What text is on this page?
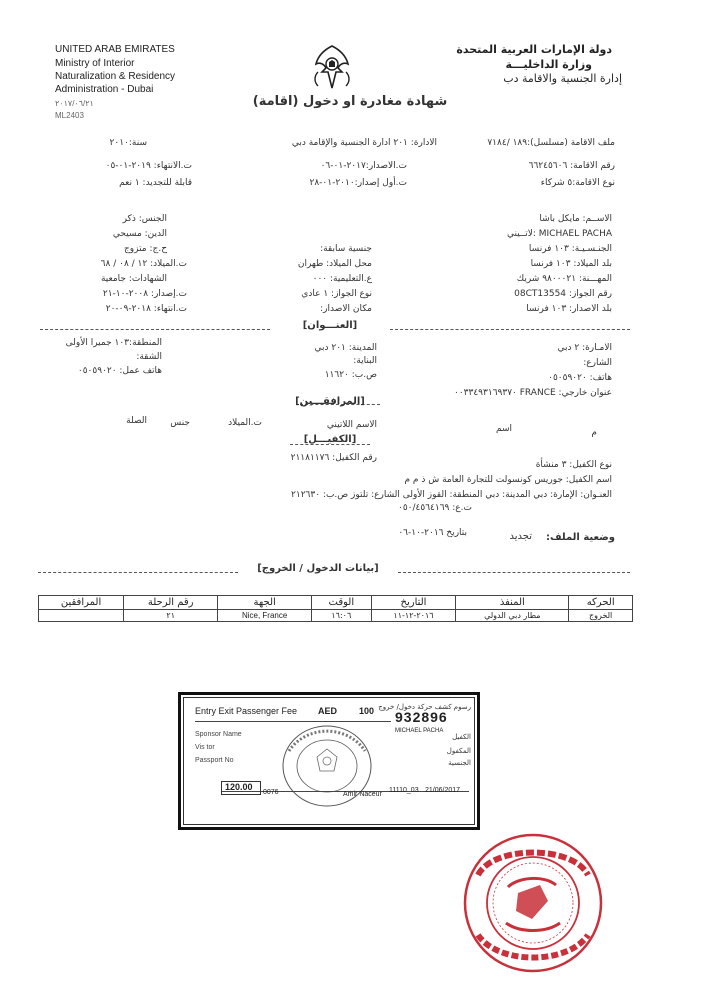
UNITED ARAB EMIRATES
Ministry of Interior
Naturalization & Residency
Administration - Dubai
٢٠١٧/٠٦/٢١
ML2403
دولة الإمارات العربية المتحدة
وزارة الداخليـــة
إدارة الجنسية والاقامة دب
شهادة مغادرة او دخول (اقامة)
ملف الاقامة (مسلسل):١٨٩ /٧١٨٤
الادارة: ٢٠١ ادارة الجنسية والإقامة دبي
سنة:٢٠١٠
رقم الاقامة: ٦٦٢٤٥٦٠٦
ت.الاصدار:٢٠١٧-٠١-٠٦
ت.الانتهاء: ٢٠١٩-٠١-٠٥
نوع الاقامة:٥ شركاء
ت.أول إصدار:٢٠١٠-٠١-٢٨
قابلة للتجديد: ١ نعم
الاســم: مايكل باشا
MICHAEL PACHA :لاتــيني
الجنـسـيـة: ١٠٣ فرنسا
بلد الميلاد: ١٠٣ فرنسا
المهـــنة: ٩٨٠٠٠٢١ شريك
رقم الجواز: 08CT13554
بلد الاصدار: ١٠٣ فرنسا
جنسية سابقة:
محل الميلاد: طهران
ع.التعليمية: ٠٠٠
نوع الجواز: ١ عادي
مكان الاصدار:
الجنس: ذكر
الدين: مسيحي
ح.ج: متزوج
ت.الميلاد: ١٢ / ٠٨ / ٦٨
الشهادات: جامعية
ت.إصدار: ٢٠٠٨-١٠-٢١
ت.انتهاء: ٢٠١٨-٠٩-٢٠
[العنـــوان]
الامـارة: ٢ دبي
المدينة: ٢٠١ دبي
المنطقة:١٠٣ جميرا الأولى
الشارع:
البناية:
الشقة:
هاتف: ٠٥٠٥٩٠٢٠
ص.ب: ١١٦٢٠
هاتف عمل: ٠٥٠٥٩٠٢٠
عنوان خارجي: FRANCE ٠٠٣٣٤٩٣١٦٩٣٧٠
[المرافقـــين]
م
اسم
الاسم اللاتيني
ت.الميلاد
جنس
الصلة
[الكفيـــل]
نوع الكفيل: ٣ منشأة
رقم الكفيل: ٢١١٨١١٧٦
اسم الكفيل: جوريس كونسولت للتجارة العامة ش ذ م م
العنـوان: الإمارة: دبي المدينة: دبي المنطقة: القوز الأولى الشارع: تلتوز ص.ب: ٢١٢٦٣٠
ت.ع: ٠٥٠/٤٥٦٤١٦٩
وضعية الملف:
تجديد
بتاريخ ٢٠١٦-١٠-٠٦
[بيانات الدخول / الخروج]
المرافقين	رقم الرحلة	الجهة	الوقت	التاريخ	المنفذ	الحركه
	٢١	Nice, France	١٦:٠٦	٢٠١٦-١٢-١١	مطار دبي الدولي	الخروج
Entry Exit Passenger Fee AED 100 رسوم كشف حركة دخول/ خروج
932896
MICHAEL PACHA
Sponsor Name
Vis tor
Passport No
الكفيل
المكفول
الجنسية
120.00
0076	Amir Naceur
11110_03 21/06/2017
